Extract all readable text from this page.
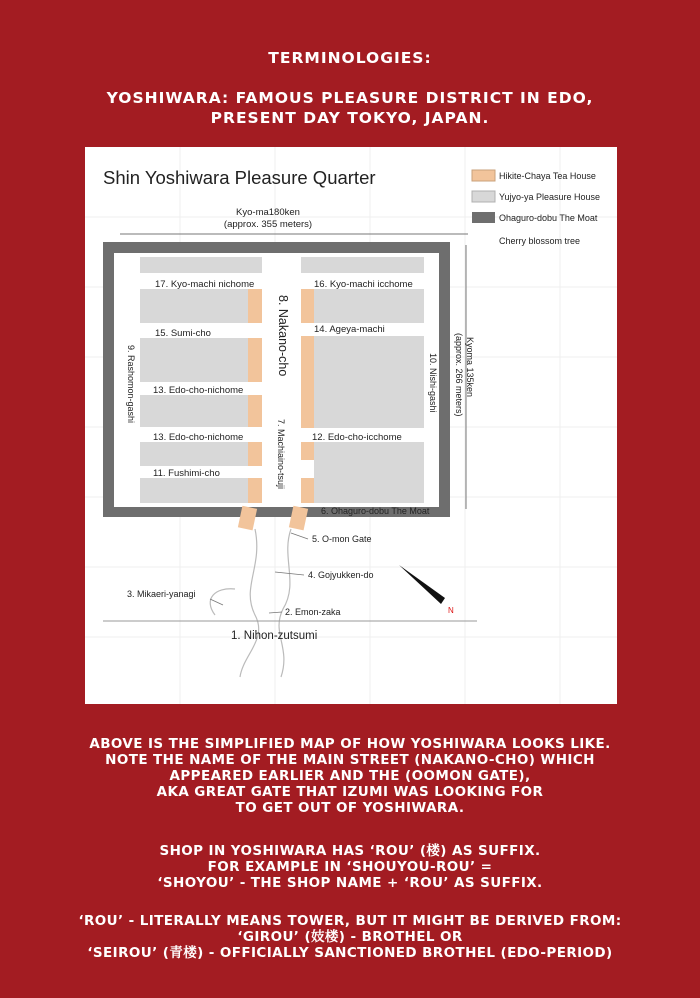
TERMINOLOGIES:
YOSHIWARA: FAMOUS PLEASURE DISTRICT IN EDO,
PRESENT DAY TOKYO, JAPAN.
Shin Yoshiwara Pleasure Quarter	Hikite-Chaya Tea House
Yujyo-ya Pleasure House
Ohaguro-dobu The Moat
Cherry blossom tree
Kyo-ma180ken
(approx. 355 meters)
17. Kyo-machi nichome	16. Kyo-machi icchome
15. Sumi-cho	14. Ageya-machi
13. Edo-cho-nichome
13. Edo-cho-nichome	12. Edo-cho-icchome
11. Fushimi-cho
8. Nakano-cho
7. Machiaino-tsuji
9. Rashomon-gashi	10. Nishi-gashi	Kyoma 135ken
(approx. 266 meters)
6. Ohaguro-dobu The Moat
5. O-mon Gate
4. Gojyukken-do
3. Mikaeri-yanagi
2. Emon-zaka
1. Nihon-zutsumi
N
ABOVE IS THE SIMPLIFIED MAP OF HOW YOSHIWARA LOOKS LIKE.
NOTE THE NAME OF THE MAIN STREET (NAKANO-CHO) WHICH
APPEARED EARLIER AND THE (OOMON GATE),
AKA GREAT GATE THAT IZUMI WAS LOOKING FOR
TO GET OUT OF YOSHIWARA.
SHOP IN YOSHIWARA HAS ‘ROU’ (楼) AS SUFFIX.
FOR EXAMPLE IN ‘SHOUYOU-ROU’ =
‘SHOYOU’ - THE SHOP NAME + ‘ROU’ AS SUFFIX.
‘ROU’ - LITERALLY MEANS TOWER, BUT IT MIGHT BE DERIVED FROM:
‘GIROU’ (妓楼) - BROTHEL OR
‘SEIROU’ (青楼) - OFFICIALLY SANCTIONED BROTHEL (EDO-PERIOD)
